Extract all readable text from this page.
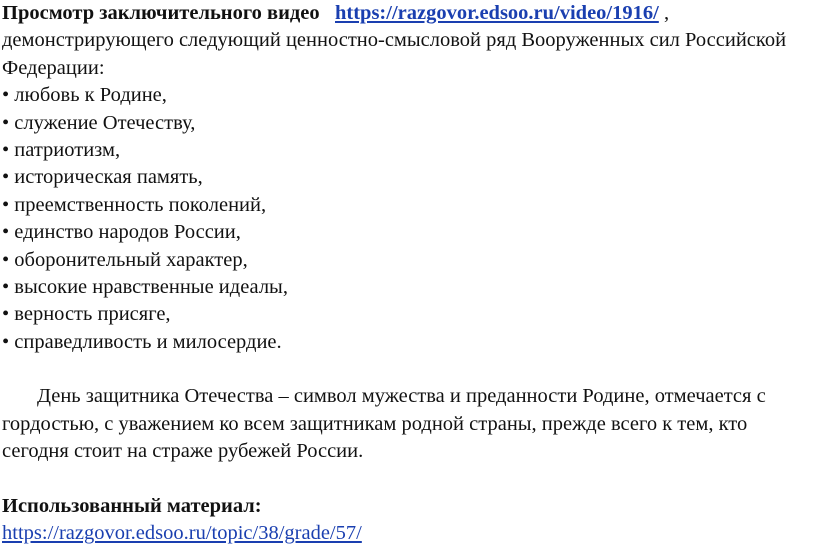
Просмотр заключительного видео https://razgovor.edsoo.ru/video/1916/ ,
демонстрирующего следующий ценностно-смысловой ряд Вооруженных сил Российской
Федерации:
• любовь к Родине,
• служение Отечеству,
• патриотизм,
• историческая память,
• преемственность поколений,
• единство народов России,
• оборонительный характер,
• высокие нравственные идеалы,
• верность присяге,
• справедливость и милосердие.
День защитника Отечества – символ мужества и преданности Родине, отмечается с
гордостью, с уважением ко всем защитникам родной страны, прежде всего к тем, кто
сегодня стоит на страже рубежей России.
Использованный материал:
https://razgovor.edsoo.ru/topic/38/grade/57/
